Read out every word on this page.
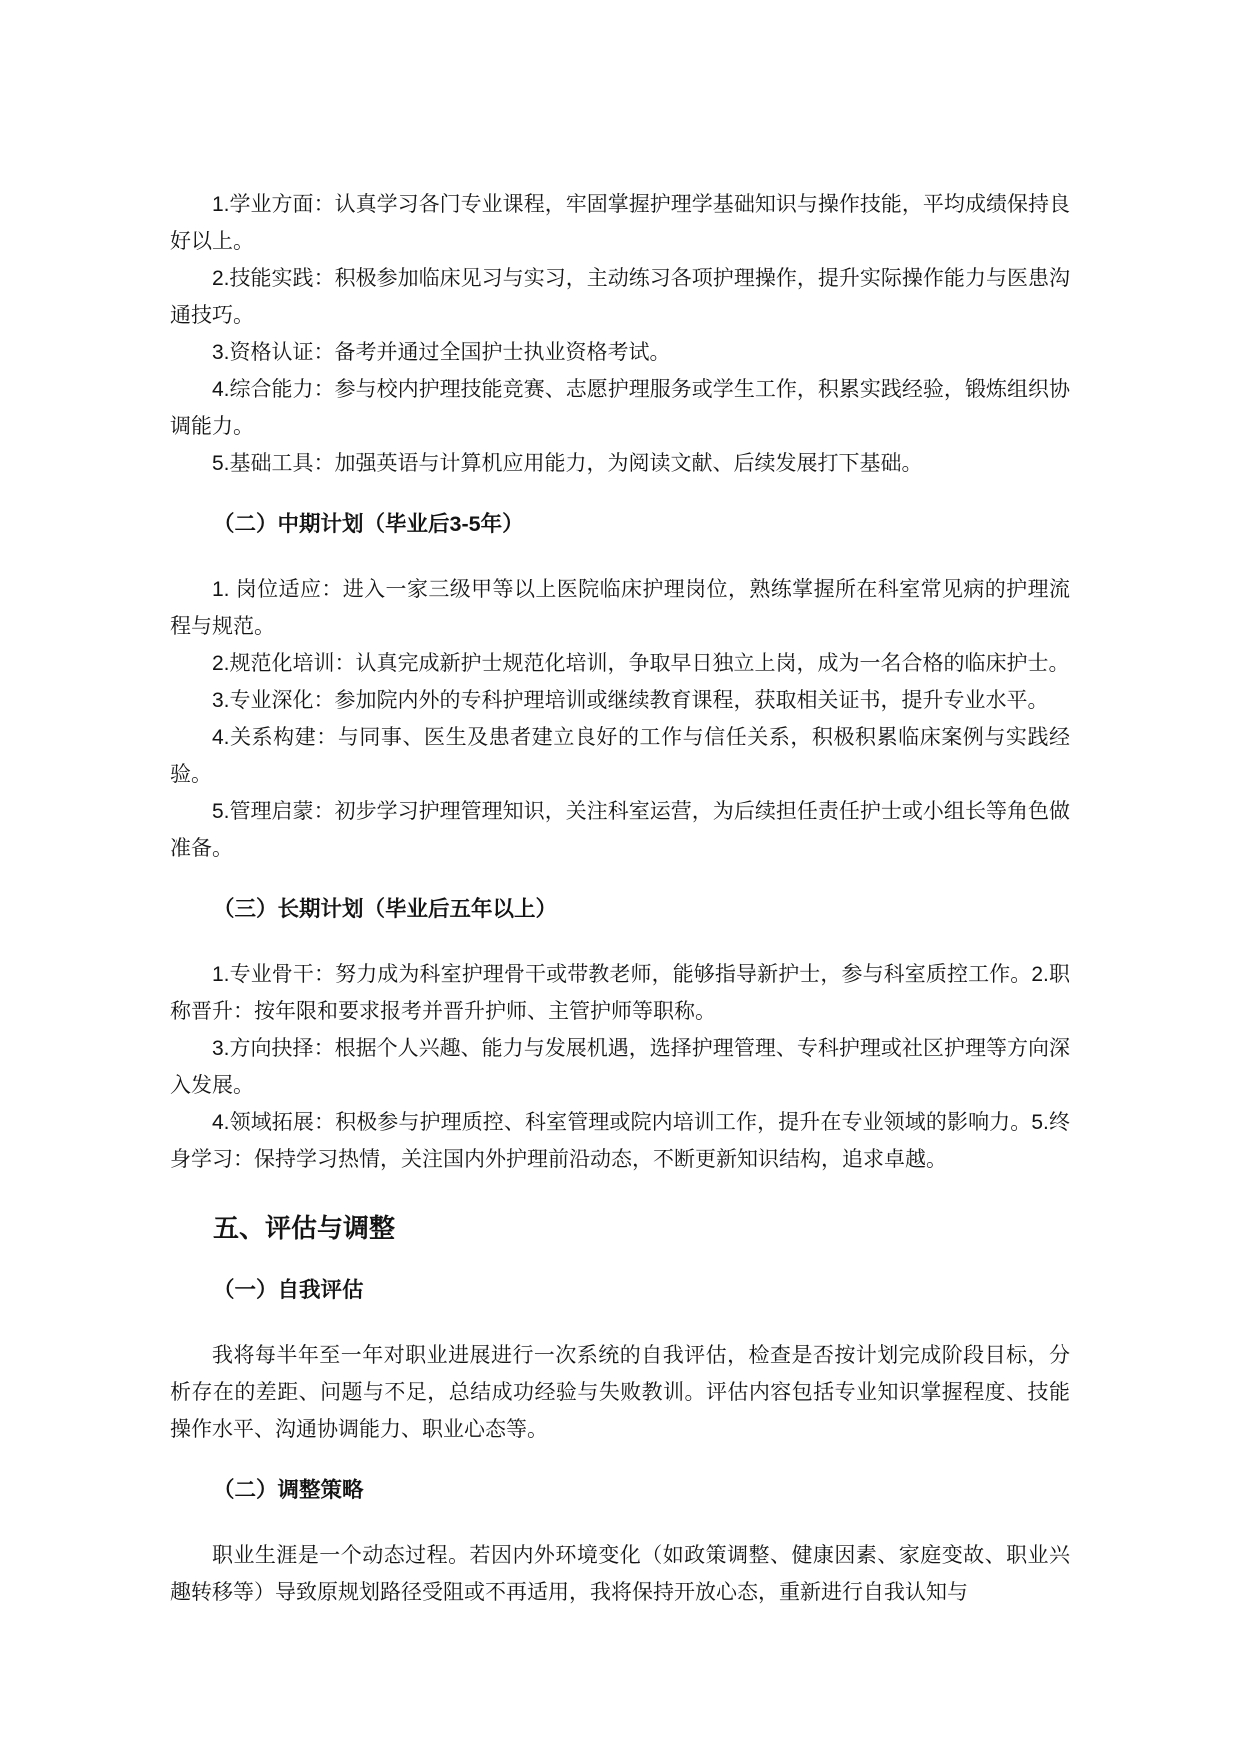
1.学业方面：认真学习各门专业课程，牢固掌握护理学基础知识与操作技能，平均成绩保持良好以上。
2.技能实践：积极参加临床见习与实习，主动练习各项护理操作，提升实际操作能力与医患沟通技巧。
3.资格认证：备考并通过全国护士执业资格考试。
4.综合能力：参与校内护理技能竞赛、志愿护理服务或学生工作，积累实践经验，锻炼组织协调能力。
5.基础工具：加强英语与计算机应用能力，为阅读文献、后续发展打下基础。
（二）中期计划（毕业后3-5年）
1. 岗位适应：进入一家三级甲等以上医院临床护理岗位，熟练掌握所在科室常见病的护理流程与规范。
2.规范化培训：认真完成新护士规范化培训，争取早日独立上岗，成为一名合格的临床护士。
3.专业深化：参加院内外的专科护理培训或继续教育课程，获取相关证书，提升专业水平。
4.关系构建：与同事、医生及患者建立良好的工作与信任关系，积极积累临床案例与实践经验。
5.管理启蒙：初步学习护理管理知识，关注科室运营，为后续担任责任护士或小组长等角色做准备。
（三）长期计划（毕业后五年以上）
1.专业骨干：努力成为科室护理骨干或带教老师，能够指导新护士，参与科室质控工作。2.职称晋升：按年限和要求报考并晋升护师、主管护师等职称。
3.方向抉择：根据个人兴趣、能力与发展机遇，选择护理管理、专科护理或社区护理等方向深入发展。
4.领域拓展：积极参与护理质控、科室管理或院内培训工作，提升在专业领域的影响力。5.终身学习：保持学习热情，关注国内外护理前沿动态，不断更新知识结构，追求卓越。
五、评估与调整
（一）自我评估
我将每半年至一年对职业进展进行一次系统的自我评估，检查是否按计划完成阶段目标，分析存在的差距、问题与不足，总结成功经验与失败教训。评估内容包括专业知识掌握程度、技能操作水平、沟通协调能力、职业心态等。
（二）调整策略
职业生涯是一个动态过程。若因内外环境变化（如政策调整、健康因素、家庭变故、职业兴趣转移等）导致原规划路径受阻或不再适用，我将保持开放心态，重新进行自我认知与
